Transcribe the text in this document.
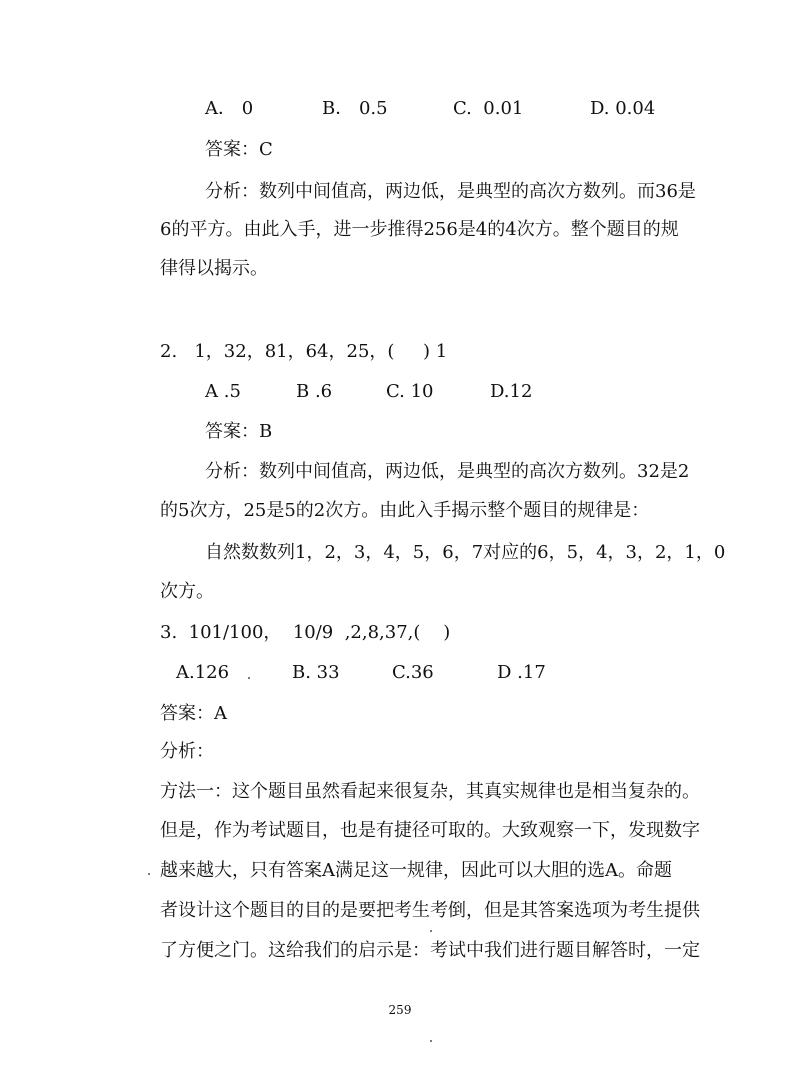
A． 0	B． 0.5	C.  0.01	D. 0.04
答案：C
分析：数列中间值高，两边低，是典型的高次方数列。而36是
6的平方。由此入手，进一步推得256是4的4次方。整个题目的规
律得以揭示。
2.   1，32，81，64，25，(     ) 1
A .5	B .6	C. 10	D.12
答案：B
分析：数列中间值高，两边低，是典型的高次方数列。32是2
的5次方，25是5的2次方。由此入手揭示整个题目的规律是：
自然数数列1，2，3，4，5，6，7对应的6，5，4，3，2，1，0
次方。
3.  101/100，  10/9  ,2,8,37,(    )
A.126	B. 33	C.36	D .17
答案：A
分析：
方法一：这个题目虽然看起来很复杂，其真实规律也是相当复杂的。
但是，作为考试题目，也是有捷径可取的。大致观察一下，发现数字
越来越大，只有答案A满足这一规律，因此可以大胆的选A。命题
者设计这个题目的目的是要把考生考倒，但是其答案选项为考生提供
了方便之门。这给我们的启示是：考试中我们进行题目解答时，一定
259
